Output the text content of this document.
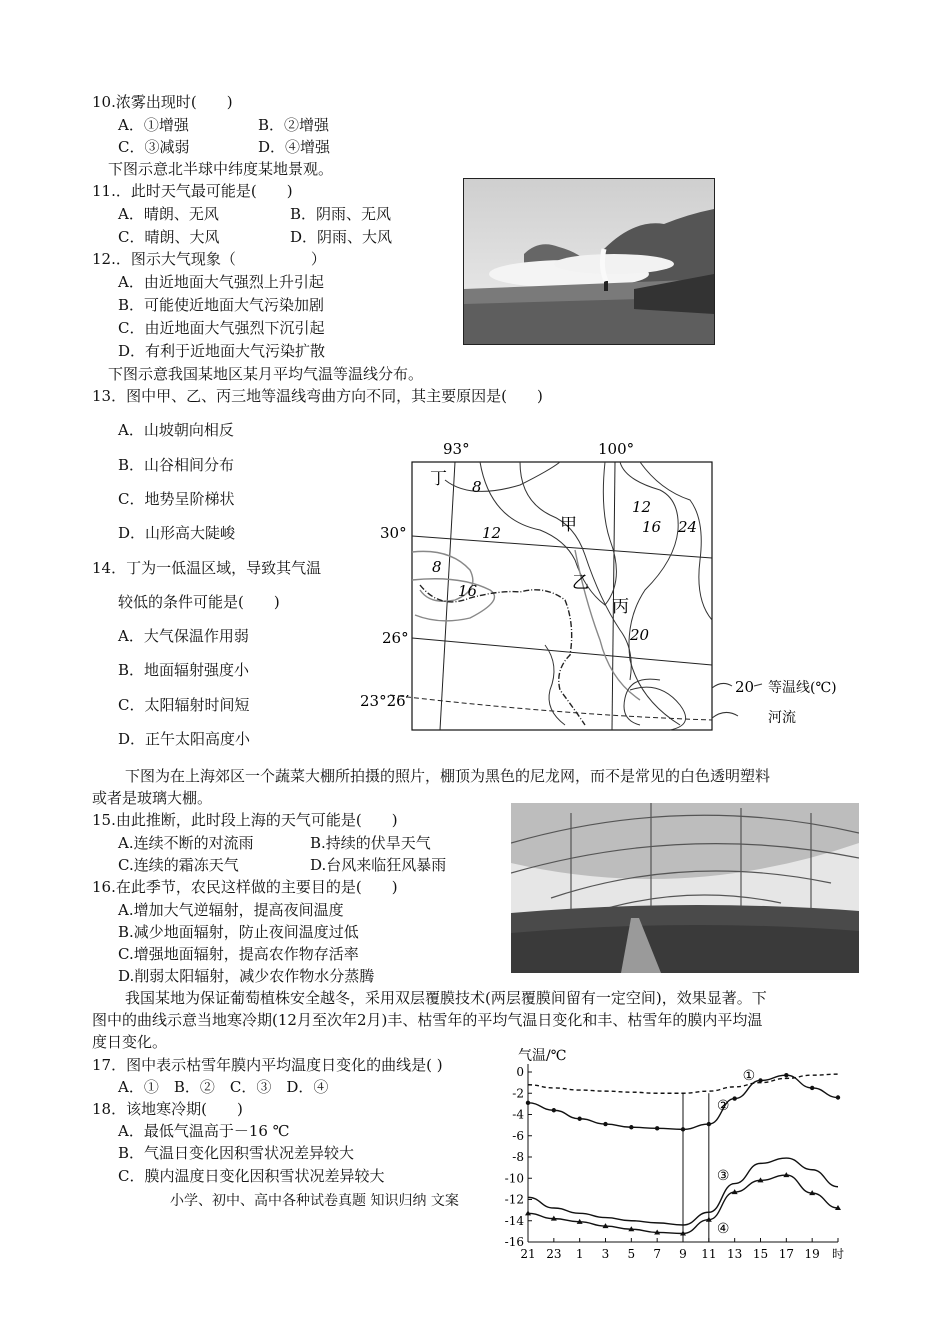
10.浓雾出现时(　　)
A．①增强	B．②增强
C．③减弱	D．④增强
下图示意北半球中纬度某地景观。
11.．此时天气最可能是(　　)
A．晴朗、无风	B．阴雨、无风
C．晴朗、大风	D．阴雨、大风
12.．图示大气现象（　　　　　）
A．由近地面大气强烈上升引起
B．可能使近地面大气污染加剧
C．由近地面大气强烈下沉引起
D．有利于近地面大气污染扩散
下图示意我国某地区某月平均气温等温线分布。
13．图中甲、乙、丙三地等温线弯曲方向不同，其主要原因是(　　)
A．山坡朝向相反
B．山谷相间分布
C．地势呈阶梯状
D．山形高大陡峻
14．丁为一低温区域，导致其气温
较低的条件可能是(　　)
A．大气保温作用弱
B．地面辐射强度小
C．太阳辐射时间短
D．正午太阳高度小
93°	100°
30°
26°
23°26′
丁
甲
乙
丙
8
12
12
16 24
8
16
20
20 等温线(℃)
河流
下图为在上海郊区一个蔬菜大棚所拍摄的照片，棚顶为黑色的尼龙网，而不是常见的白色透明塑料
或者是玻璃大棚。
15.由此推断，此时段上海的天气可能是(　　)
A.连续不断的对流雨	B.持续的伏旱天气
C.连续的霜冻天气	D.台风来临狂风暴雨
16.在此季节，农民这样做的主要目的是(　　)
A.增加大气逆辐射，提高夜间温度
B.减少地面辐射，防止夜间温度过低
C.增强地面辐射，提高农作物存活率
D.削弱太阳辐射，减少农作物水分蒸腾
我国某地为保证葡萄植株安全越冬，采用双层覆膜技术(两层覆膜间留有一定空间)，效果显著。下
图中的曲线示意当地寒冷期(12月至次年2月)丰、枯雪年的平均气温日变化和丰、枯雪年的膜内平均温
度日变化。
17．图中表示枯雪年膜内平均温度日变化的曲线是( )
A．①　B．②　C．③　D．④
18．该地寒冷期(　　)
A．最低气温高于－16 ℃
B．气温日变化因积雪状况差异较大
C．膜内温度日变化因积雪状况差异较大
小学、初中、高中各种试卷真题 知识归纳 文案
气温/℃
0
-2
-4
-6
-8
-10
-12
-14
-16
21 23 1 3 5 7 9 11 13 15 17 19 时
①
②
③
④
